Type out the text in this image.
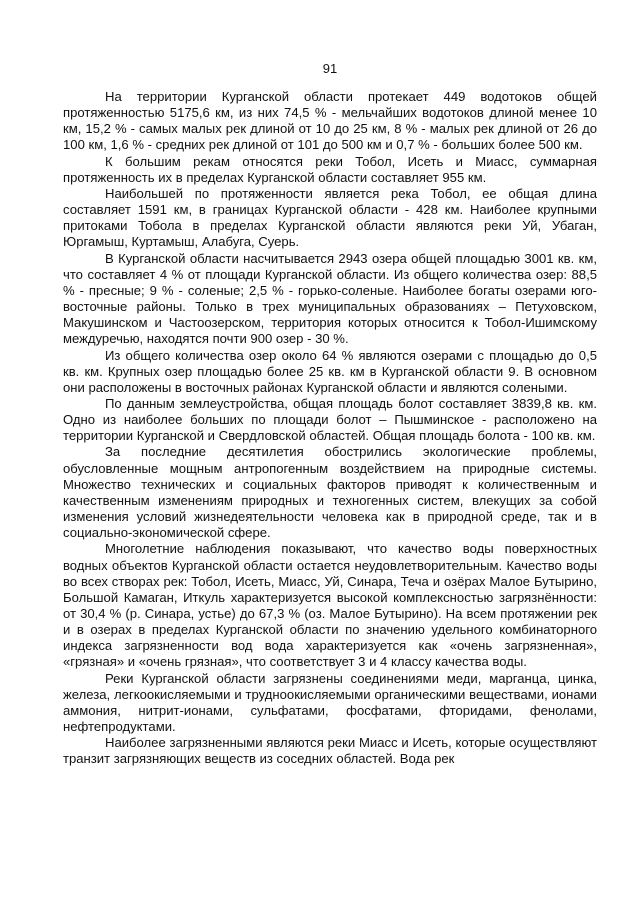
91

На территории Курганской области протекает 449 водотоков общей протяженностью 5175,6 км, из них 74,5 % - мельчайших водотоков длиной менее 10 км, 15,2 % - самых малых рек длиной от 10 до 25 км, 8 % - малых рек длиной от 26 до 100 км, 1,6 % - средних рек длиной от 101 до 500 км и 0,7 % - больших более 500 км.

К большим рекам относятся реки Тобол, Исеть и Миасс, суммарная протяженность их в пределах Курганской области составляет 955 км.

Наибольшей по протяженности является река Тобол, ее общая длина составляет 1591 км, в границах Курганской области - 428 км. Наиболее крупными притоками Тобола в пределах Курганской области являются реки Уй, Убаган, Юргамыш, Куртамыш, Алабуга, Суерь.

В Курганской области насчитывается 2943 озера общей площадью 3001 кв. км, что составляет 4 % от площади Курганской области. Из общего количества озер: 88,5 % - пресные; 9 % - соленые; 2,5 % - горько-соленые. Наиболее богаты озерами юго-восточные районы. Только в трех муниципальных образованиях – Петуховском, Макушинском и Частоозерском, территория которых относится к Тобол-Ишимскому междуречью, находятся почти 900 озер - 30 %.

Из общего количества озер около 64 % являются озерами с площадью до 0,5 кв. км. Крупных озер площадью более 25 кв. км в Курганской области 9. В основном они расположены в восточных районах Курганской области и являются солеными.

По данным землеустройства, общая площадь болот составляет 3839,8 кв. км. Одно из наиболее больших по площади болот – Пышминское - расположено на территории Курганской и Свердловской областей. Общая площадь болота - 100 кв. км.

За последние десятилетия обострились экологические проблемы, обусловленные мощным антропогенным воздействием на природные системы. Множество технических и социальных факторов приводят к количественным и качественным изменениям природных и техногенных систем, влекущих за собой изменения условий жизнедеятельности человека как в природной среде, так и в социально-экономической сфере.

Многолетние наблюдения показывают, что качество воды поверхностных водных объектов Курганской области остается неудовлетворительным. Качество воды во всех створах рек: Тобол, Исеть, Миасс, Уй, Синара, Теча и озёрах Малое Бутырино, Большой Камаган, Иткуль характеризуется высокой комплексностью загрязнённости: от 30,4 % (р. Синара, устье) до 67,3 % (оз. Малое Бутырино). На всем протяжении рек и в озерах в пределах Курганской области по значению удельного комбинаторного индекса загрязненности вод вода характеризуется как «очень загрязненная», «грязная» и «очень грязная», что соответствует 3 и 4 классу качества воды.

Реки Курганской области загрязнены соединениями меди, марганца, цинка, железа, легкоокисляемыми и трудноокисляемыми органическими веществами, ионами аммония, нитрит-ионами, сульфатами, фосфатами, фторидами, фенолами, нефтепродуктами.

Наиболее загрязненными являются реки Миасс и Исеть, которые осуществляют транзит загрязняющих веществ из соседних областей. Вода рек
